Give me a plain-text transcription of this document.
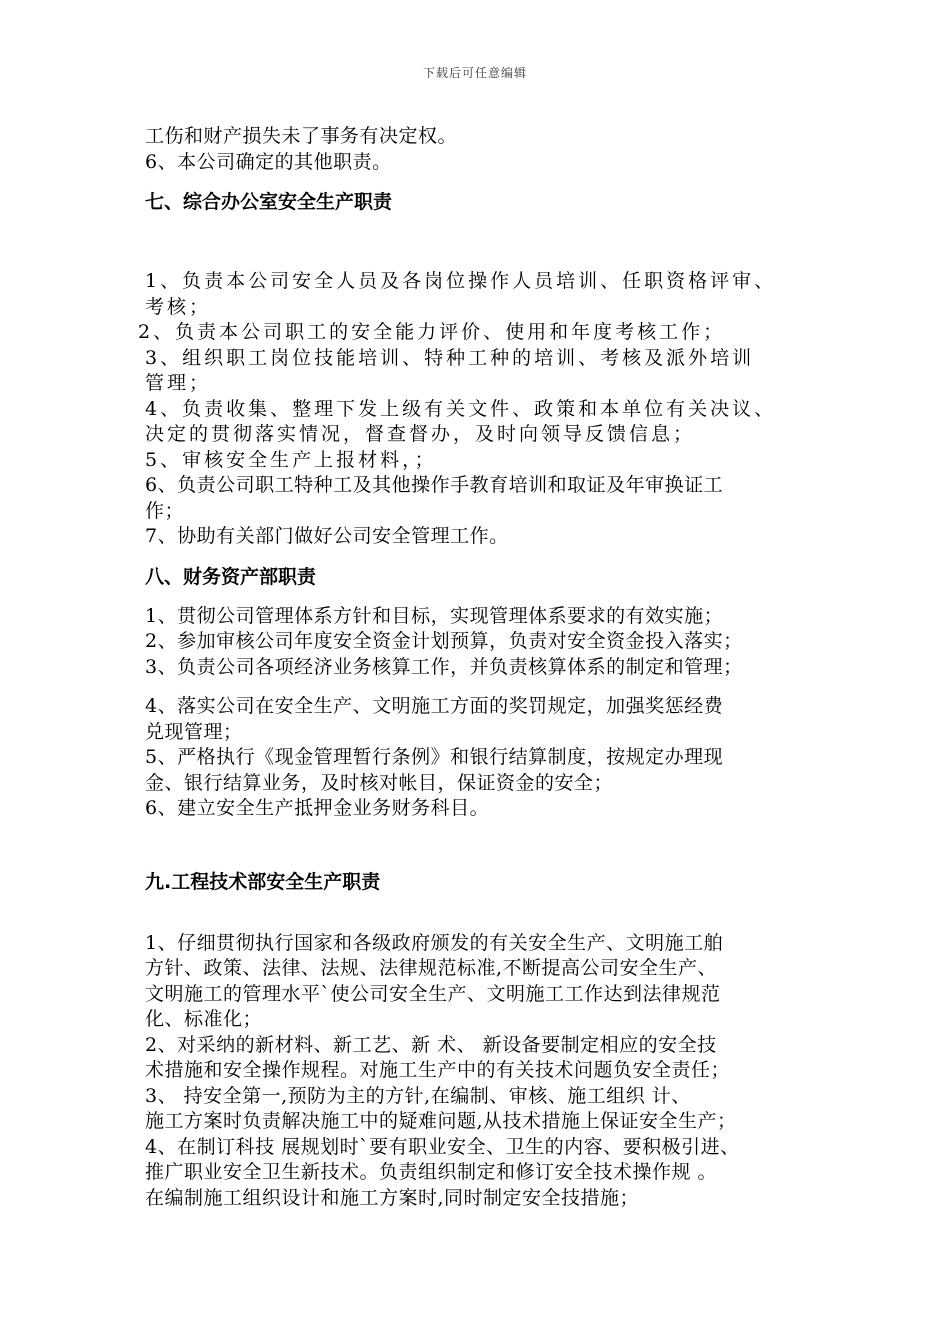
下载后可任意编辑

工伤和财产损失未了事务有决定权。

6、本公司确定的其他职责。

七、综合办公室安全生产职责

1、负责本公司安全人员及各岗位操作人员培训、任职资格评审、

考核；

2、负责本公司职工的安全能力评价、使用和年度考核工作；

3、组织职工岗位技能培训、特种工种的培训、考核及派外培训

管理；

4、负责收集、整理下发上级有关文件、政策和本单位有关决议、

决定的贯彻落实情况，督查督办，及时向领导反馈信息；

5、审核安全生产上报材料，；

6、负责公司职工特种工及其他操作手教育培训和取证及年审换证工

作；

7、协助有关部门做好公司安全管理工作。

八、财务资产部职责

1、贯彻公司管理体系方针和目标，实现管理体系要求的有效实施；

2、参加审核公司年度安全资金计划预算，负责对安全资金投入落实；

3、负责公司各项经济业务核算工作，并负责核算体系的制定和管理；

4、落实公司在安全生产、文明施工方面的奖罚规定，加强奖惩经费

兑现管理；

5、严格执行《现金管理暂行条例》和银行结算制度，按规定办理现

金、银行结算业务，及时核对帐目，保证资金的安全；

6、建立安全生产抵押金业务财务科目。

九.工程技术部安全生产职责

1、仔细贯彻执行国家和各级政府颁发的有关安全生产、文明施工舶

方针、政策、法律、法规、法律规范标准,不断提高公司安全生产、

文明施工的管理水平`使公司安全生产、文明施工工作达到法律规范

化、标准化；

2、对采纳的新材料、新工艺、新 术、 新设备要制定相应的安全技

术措施和安全操作规程。对施工生产中的有关技术问题负安全责任；

3、 持安全第一,预防为主的方针,在编制、审核、施工组织 计、

施工方案时负责解决施工中的疑难问题,从技术措施上保证安全生产；

4、在制订科技 展规划时`要有职业安全、卫生的内容、要积极引进、

推广职业安全卫生新技术。负责组织制定和修订安全技术操作规 。

在编制施工组织设计和施工方案时,同时制定安全技措施；
